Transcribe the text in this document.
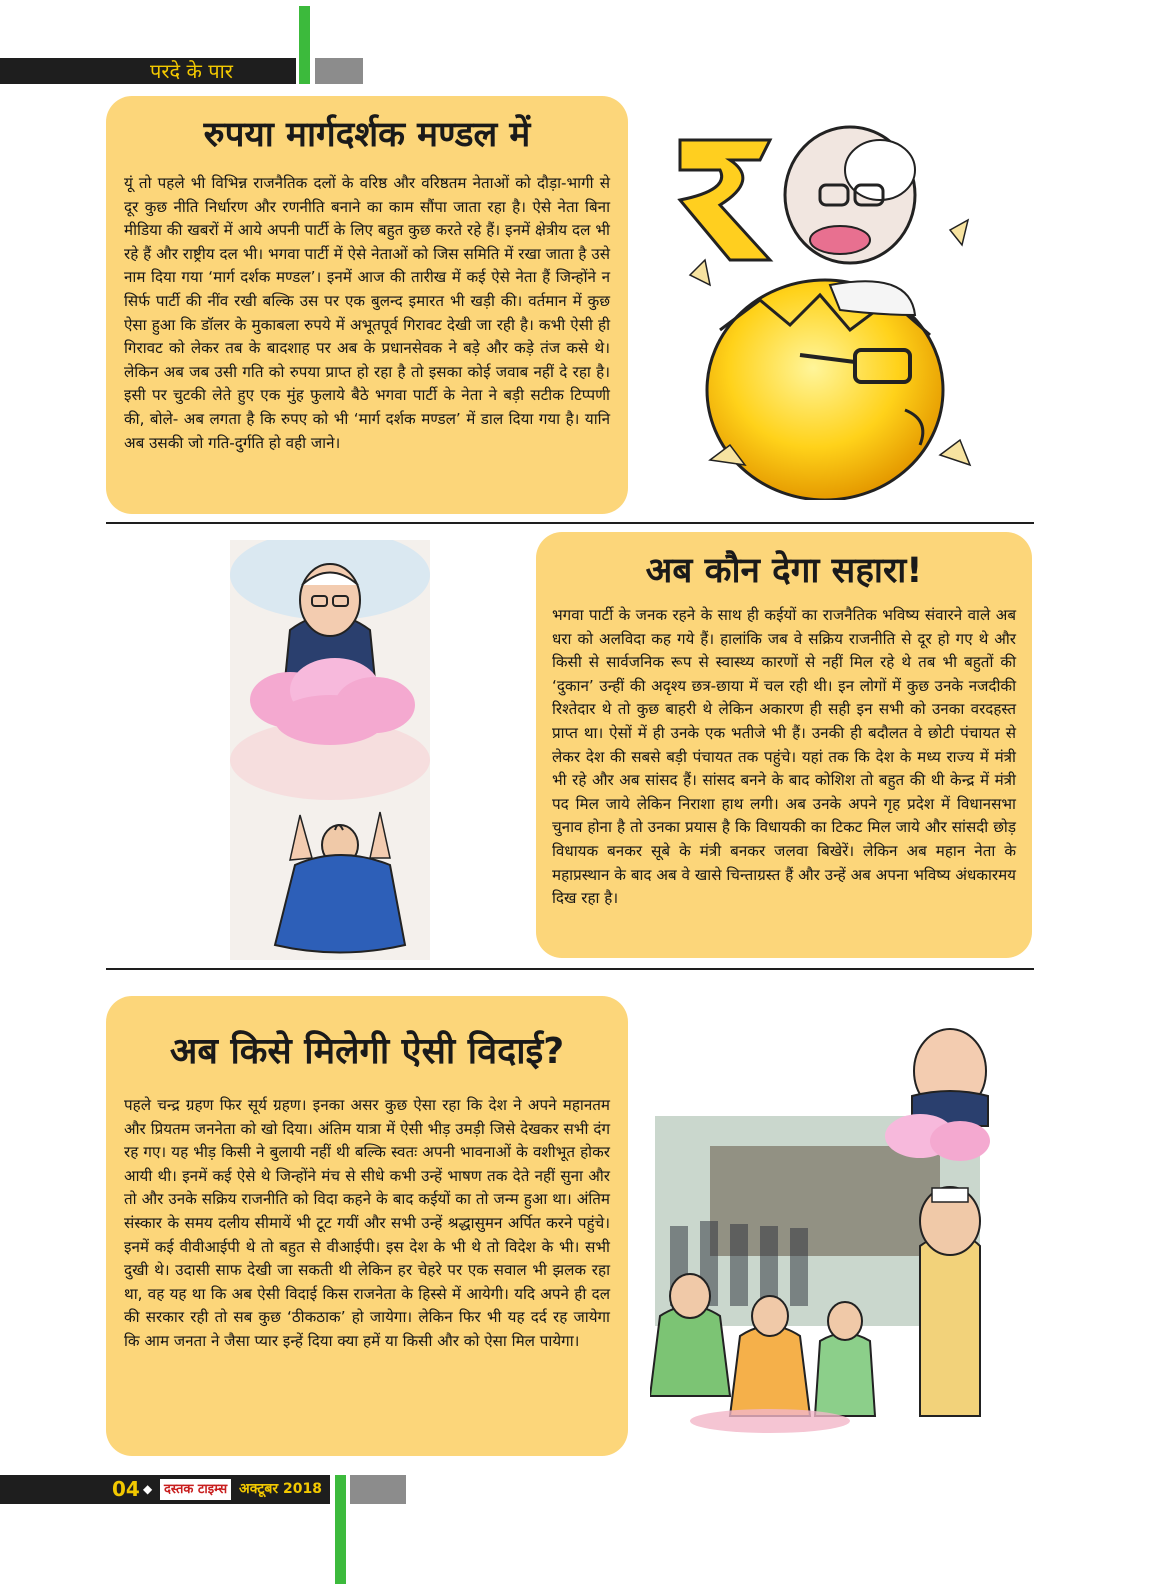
परदे के पार
रुपया मार्गदर्शक मण्डल में

यूं तो पहले भी विभिन्न राजनैतिक दलों के वरिष्ठ और वरिष्ठतम नेताओं को दौड़ा-भागी से दूर कुछ नीति निर्धारण और रणनीति बनाने का काम सौंपा जाता रहा है। ऐसे नेता बिना मीडिया की खबरों में आये अपनी पार्टी के लिए बहुत कुछ करते रहे हैं। इनमें क्षेत्रीय दल भी रहे हैं और राष्ट्रीय दल भी। भगवा पार्टी में ऐसे नेताओं को जिस समिति में रखा जाता है उसे नाम दिया गया ‘मार्ग दर्शक मण्डल’। इनमें आज की तारीख में कई ऐसे नेता हैं जिन्होंने न सिर्फ पार्टी की नींव रखी बल्कि उस पर एक बुलन्द इमारत भी खड़ी की। वर्तमान में कुछ ऐसा हुआ कि डॉलर के मुकाबला रुपये में अभूतपूर्व गिरावट देखी जा रही है। कभी ऐसी ही गिरावट को लेकर तब के बादशाह पर अब के प्रधानसेवक ने बड़े और कड़े तंज कसे थे। लेकिन अब जब उसी गति को रुपया प्राप्त हो रहा है तो इसका कोई जवाब नहीं दे रहा है। इसी पर चुटकी लेते हुए एक मुंह फुलाये बैठे भगवा पार्टी के नेता ने बड़ी सटीक टिप्पणी की, बोले- अब लगता है कि रुपए को भी ‘मार्ग दर्शक मण्डल’ में डाल दिया गया है। यानि अब उसकी जो गति-दुर्गति हो वही जाने।

अब कौन देगा सहारा!

भगवा पार्टी के जनक रहने के साथ ही कईयों का राजनैतिक भविष्य संवारने वाले अब धरा को अलविदा कह गये हैं। हालांकि जब वे सक्रिय राजनीति से दूर हो गए थे और किसी से सार्वजनिक रूप से स्वास्थ्य कारणों से नहीं मिल रहे थे तब भी बहुतों की ‘दुकान’ उन्हीं की अदृश्य छत्र-छाया में चल रही थी। इन लोगों में कुछ उनके नजदीकी रिश्तेदार थे तो कुछ बाहरी थे लेकिन अकारण ही सही इन सभी को उनका वरदहस्त प्राप्त था। ऐसों में ही उनके एक भतीजे भी हैं। उनकी ही बदौलत वे छोटी पंचायत से लेकर देश की सबसे बड़ी पंचायत तक पहुंचे। यहां तक कि देश के मध्य राज्य में मंत्री भी रहे और अब सांसद हैं। सांसद बनने के बाद कोशिश तो बहुत की थी केन्द्र में मंत्री पद मिल जाये लेकिन निराशा हाथ लगी। अब उनके अपने गृह प्रदेश में विधानसभा चुनाव होना है तो उनका प्रयास है कि विधायकी का टिकट मिल जाये और सांसदी छोड़ विधायक बनकर सूबे के मंत्री बनकर जलवा बिखेरें। लेकिन अब महान नेता के महाप्रस्थान के बाद अब वे खासे चिन्ताग्रस्त हैं और उन्हें अब अपना भविष्य अंधकारमय दिख रहा है।

अब किसे मिलेगी ऐसी विदाई?

पहले चन्द्र ग्रहण फिर सूर्य ग्रहण। इनका असर कुछ ऐसा रहा कि देश ने अपने महानतम और प्रियतम जननेता को खो दिया। अंतिम यात्रा में ऐसी भीड़ उमड़ी जिसे देखकर सभी दंग रह गए। यह भीड़ किसी ने बुलायी नहीं थी बल्कि स्वतः अपनी भावनाओं के वशीभूत होकर आयी थी। इनमें कई ऐसे थे जिन्होंने मंच से सीधे कभी उन्हें भाषण तक देते नहीं सुना और तो और उनके सक्रिय राजनीति को विदा कहने के बाद कईयों का तो जन्म हुआ था। अंतिम संस्कार के समय दलीय सीमायें भी टूट गयीं और सभी उन्हें श्रद्धासुमन अर्पित करने पहुंचे। इनमें कई वीवीआईपी थे तो बहुत से वीआईपी। इस देश के भी थे तो विदेश के भी। सभी दुखी थे। उदासी साफ देखी जा सकती थी लेकिन हर चेहरे पर एक सवाल भी झलक रहा था, वह यह था कि अब ऐसी विदाई किस राजनेता के हिस्से में आयेगी। यदि अपने ही दल की सरकार रही तो सब कुछ ‘ठीकठाक’ हो जायेगा। लेकिन फिर भी यह दर्द रह जायेगा कि आम जनता ने जैसा प्यार इन्हें दिया क्या हमें या किसी और को ऐसा मिल पायेगा।

04 ◆ दस्तक टाइम्स अक्टूबर 2018
